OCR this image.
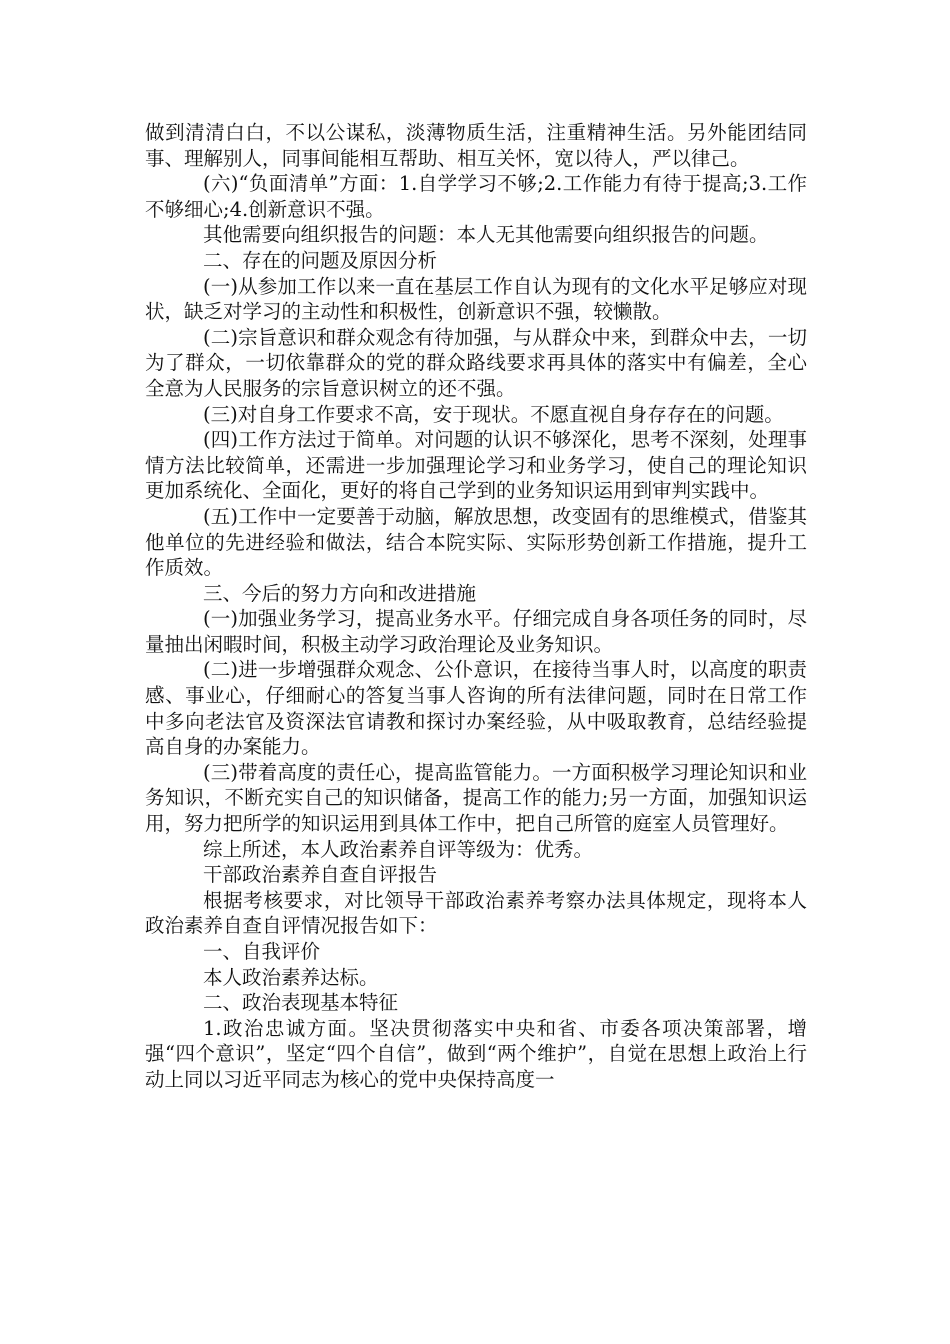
做到清清白白，不以公谋私，淡薄物质生活，注重精神生活。另外能团结同事、理解别人，同事间能相互帮助、相互关怀，宽以待人，严以律己。

(六)“负面清单”方面：1.自学学习不够;2.工作能力有待于提高;3.工作不够细心;4.创新意识不强。

其他需要向组织报告的问题：本人无其他需要向组织报告的问题。

二、存在的问题及原因分析

(一)从参加工作以来一直在基层工作自认为现有的文化水平足够应对现状，缺乏对学习的主动性和积极性，创新意识不强，较懒散。

(二)宗旨意识和群众观念有待加强，与从群众中来，到群众中去，一切为了群众，一切依靠群众的党的群众路线要求再具体的落实中有偏差，全心全意为人民服务的宗旨意识树立的还不强。

(三)对自身工作要求不高，安于现状。不愿直视自身存存在的问题。

(四)工作方法过于简单。对问题的认识不够深化，思考不深刻，处理事情方法比较简单，还需进一步加强理论学习和业务学习，使自己的理论知识更加系统化、全面化，更好的将自己学到的业务知识运用到审判实践中。

(五)工作中一定要善于动脑，解放思想，改变固有的思维模式，借鉴其他单位的先进经验和做法，结合本院实际、实际形势创新工作措施，提升工作质效。

三、今后的努力方向和改进措施

(一)加强业务学习，提高业务水平。仔细完成自身各项任务的同时，尽量抽出闲暇时间，积极主动学习政治理论及业务知识。

(二)进一步增强群众观念、公仆意识，在接待当事人时，以高度的职责感、事业心，仔细耐心的答复当事人咨询的所有法律问题，同时在日常工作中多向老法官及资深法官请教和探讨办案经验，从中吸取教育，总结经验提高自身的办案能力。

(三)带着高度的责任心，提高监管能力。一方面积极学习理论知识和业务知识，不断充实自己的知识储备，提高工作的能力;另一方面，加强知识运用，努力把所学的知识运用到具体工作中，把自己所管的庭室人员管理好。

综上所述，本人政治素养自评等级为：优秀。

干部政治素养自查自评报告

根据考核要求，对比领导干部政治素养考察办法具体规定，现将本人政治素养自查自评情况报告如下：

一、自我评价

本人政治素养达标。

二、政治表现基本特征

1.政治忠诚方面。坚决贯彻落实中央和省、市委各项决策部署，增强“四个意识”，坚定“四个自信”，做到“两个维护”，自觉在思想上政治上行动上同以习近平同志为核心的党中央保持高度一
